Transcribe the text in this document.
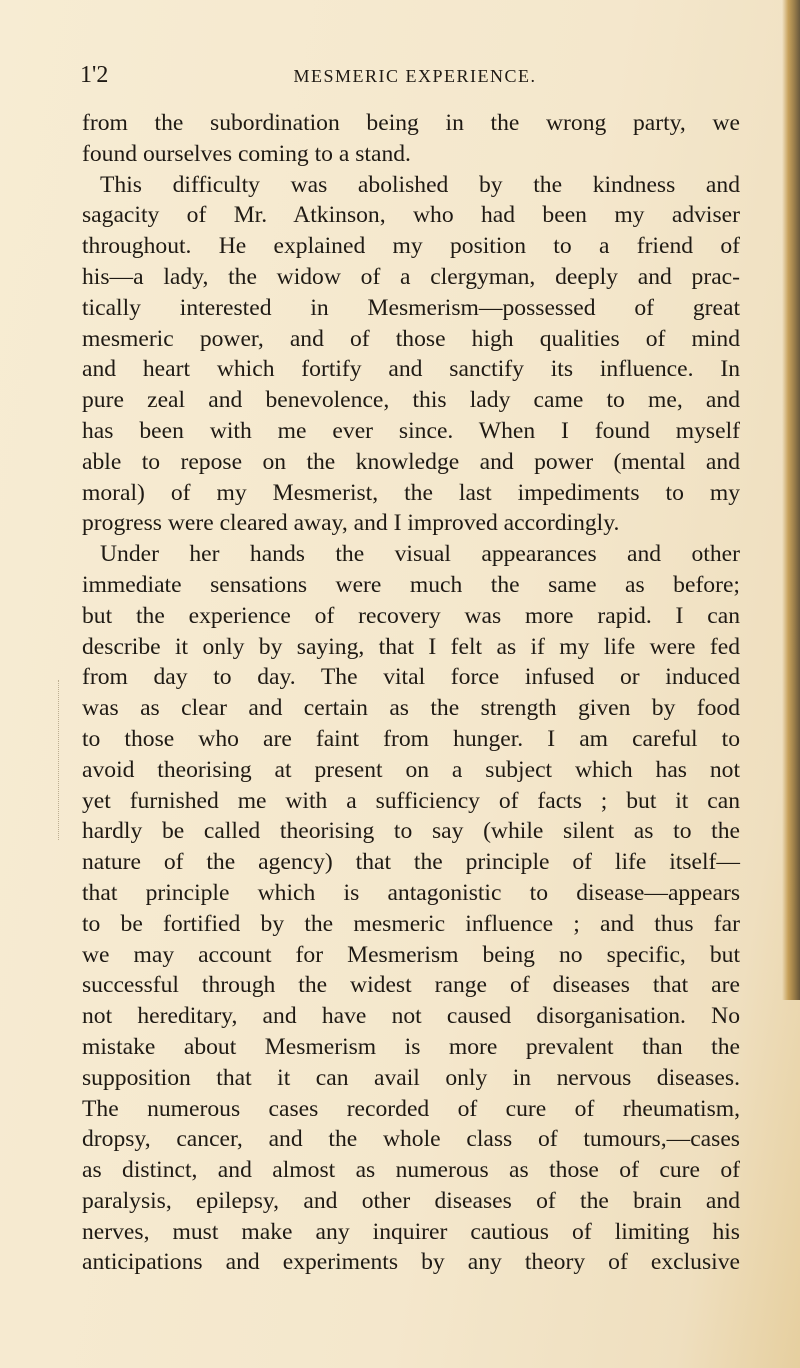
1'2	MESMERIC EXPERIENCE.
from the subordination being in the wrong party, we
found ourselves coming to a stand.
This difficulty was abolished by the kindness and
sagacity of Mr. Atkinson, who had been my adviser
throughout. He explained my position to a friend of
his—a lady, the widow of a clergyman, deeply and prac-
tically interested in Mesmerism—possessed of great
mesmeric power, and of those high qualities of mind
and heart which fortify and sanctify its influence. In
pure zeal and benevolence, this lady came to me, and
has been with me ever since. When I found myself
able to repose on the knowledge and power (mental and
moral) of my Mesmerist, the last impediments to my
progress were cleared away, and I improved accordingly.
Under her hands the visual appearances and other
immediate sensations were much the same as before;
but the experience of recovery was more rapid. I can
describe it only by saying, that I felt as if my life were fed
from day to day. The vital force infused or induced
was as clear and certain as the strength given by food
to those who are faint from hunger. I am careful to
avoid theorising at present on a subject which has not
yet furnished me with a sufficiency of facts ; but it can
hardly be called theorising to say (while silent as to the
nature of the agency) that the principle of life itself—
that principle which is antagonistic to disease—appears
to be fortified by the mesmeric influence ; and thus far
we may account for Mesmerism being no specific, but
successful through the widest range of diseases that are
not hereditary, and have not caused disorganisation. No
mistake about Mesmerism is more prevalent than the
supposition that it can avail only in nervous diseases.
The numerous cases recorded of cure of rheumatism,
dropsy, cancer, and the whole class of tumours,—cases
as distinct, and almost as numerous as those of cure of
paralysis, epilepsy, and other diseases of the brain and
nerves, must make any inquirer cautious of limiting his
anticipations and experiments by any theory of exclusive
